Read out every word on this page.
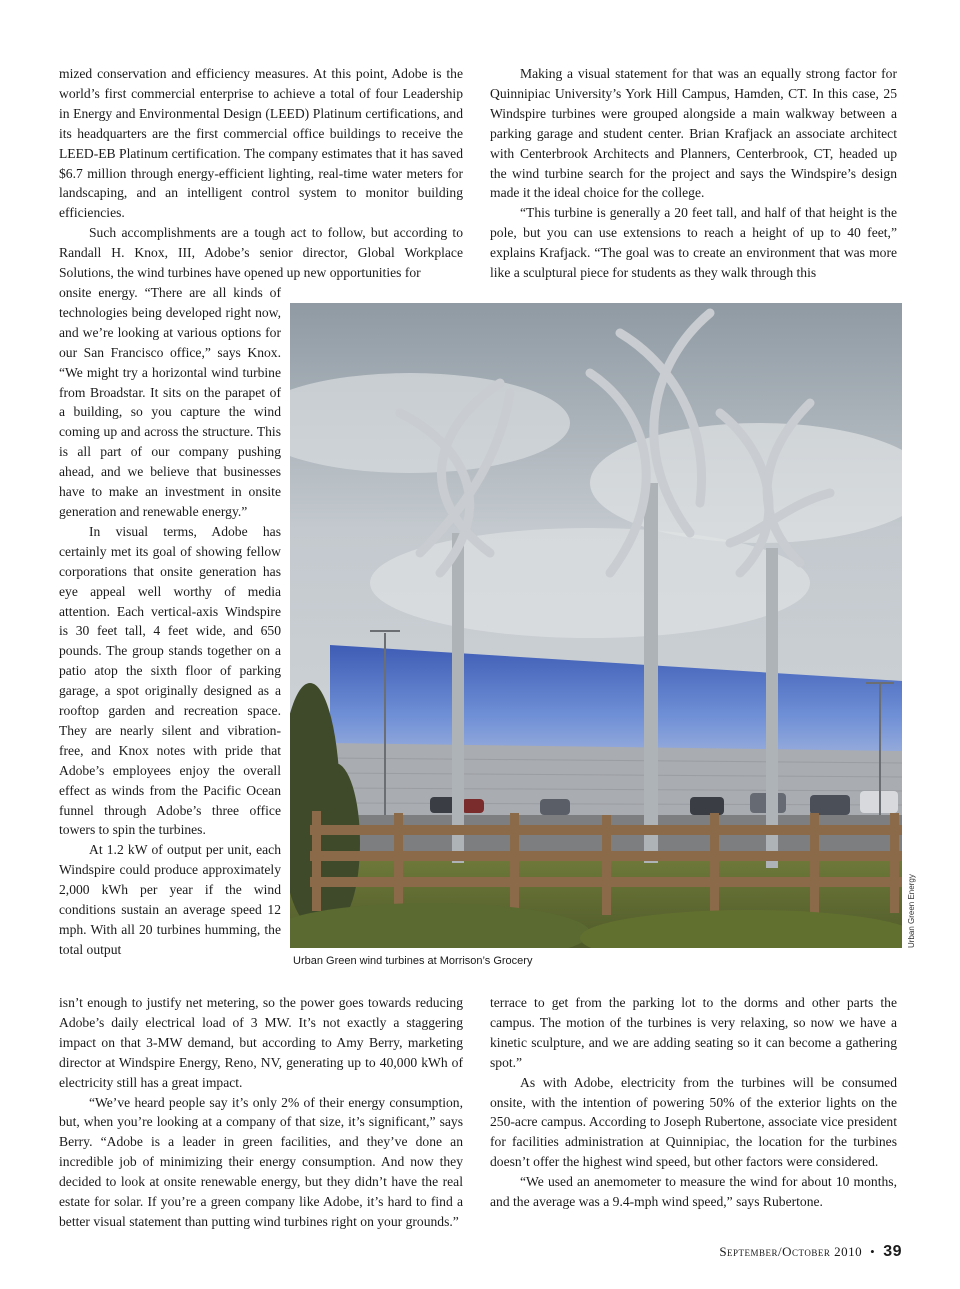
mized conservation and efficiency measures. At this point, Adobe is the world’s first commercial enterprise to achieve a total of four Leadership in Energy and Environmental Design (LEED) Platinum certifications, and its headquarters are the first commercial office buildings to receive the LEED-EB Platinum certification. The company estimates that it has saved $6.7 million through energy-efficient lighting, real-time water meters for landscaping, and an intelligent control system to monitor building efficiencies.

Such accomplishments are a tough act to follow, but according to Randall H. Knox, III, Adobe’s senior director, Global Workplace Solutions, the wind turbines have opened up new opportunities for

onsite energy. “There are all kinds of technologies being developed right now, and we’re looking at various options for our San Francisco office,” says Knox. “We might try a horizontal wind turbine from Broadstar. It sits on the parapet of a building, so you capture the wind coming up and across the structure. This is all part of our company pushing ahead, and we believe that businesses have to make an investment in onsite generation and renewable energy.”

In visual terms, Adobe has certainly met its goal of showing fellow corporations that onsite generation has eye appeal well worthy of media attention. Each vertical-axis Windspire is 30 feet tall, 4 feet wide, and 650 pounds. The group stands together on a patio atop the sixth floor of parking garage, a spot originally designed as a rooftop garden and recreation space. They are nearly silent and vibration-free, and Knox notes with pride that Adobe’s employees enjoy the overall effect as winds from the Pacific Ocean funnel through Adobe’s three office towers to spin the turbines.

At 1.2 kW of output per unit, each Windspire could produce approximately 2,000 kWh per year if the wind conditions sustain an average speed 12 mph. With all 20 turbines humming, the total output

isn’t enough to justify net metering, so the power goes towards reducing Adobe’s daily electrical load of 3 MW. It’s not exactly a staggering impact on that 3-MW demand, but according to Amy Berry, marketing director at Windspire Energy, Reno, NV, generating up to 40,000 kWh of electricity still has a great impact.

“We’ve heard people say it’s only 2% of their energy consumption, but, when you’re looking at a company of that size, it’s significant,” says Berry. “Adobe is a leader in green facilities, and they’ve done an incredible job of minimizing their energy consumption. And now they decided to look at onsite renewable energy, but they didn’t have the real estate for solar. If you’re a green company like Adobe, it’s hard to find a better visual statement than putting wind turbines right on your grounds.”

Making a visual statement for that was an equally strong factor for Quinnipiac University’s York Hill Campus, Hamden, CT. In this case, 25 Windspire turbines were grouped alongside a main walkway between a parking garage and student center. Brian Krafjack an associate architect with Centerbrook Architects and Planners, Centerbrook, CT, headed up the wind turbine search for the project and says the Windspire’s design made it the ideal choice for the college.

“This turbine is generally a 20 feet tall, and half of that height is the pole, but you can use extensions to reach a height of up to 40 feet,” explains Krafjack. “The goal was to create an environment that was more like a sculptural piece for students as they walk through this

terrace to get from the parking lot to the dorms and other parts the campus. The motion of the turbines is very relaxing, so now we have a kinetic sculpture, and we are adding seating so it can become a gathering spot.”

As with Adobe, electricity from the turbines will be consumed onsite, with the intention of powering 50% of the exterior lights on the 250-acre campus. According to Joseph Rubertone, associate vice president for facilities administration at Quinnipiac, the location for the turbines doesn’t offer the highest wind speed, but other factors were considered.

“We used an anemometer to measure the wind for about 10 months, and the average was a 9.4-mph wind speed,” says Rubertone.

Urban Green wind turbines at Morrison’s Grocery
Urban Green Energy
September/October 2010 • 39
